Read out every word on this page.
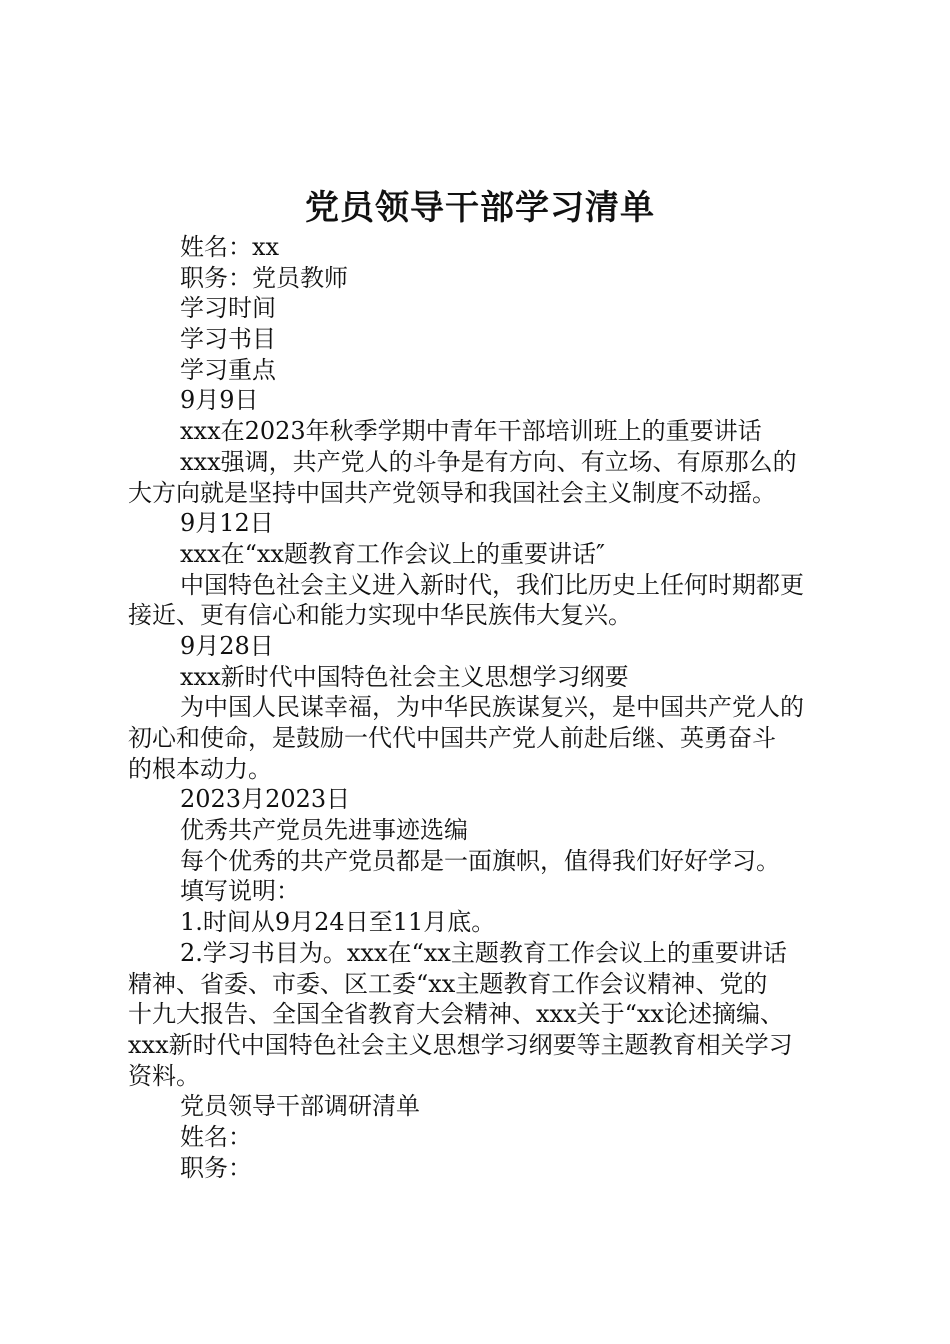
党员领导干部学习清单
姓名：xx
职务：党员教师
学习时间
学习书目
学习重点
9月9日
xxx在2023年秋季学期中青年干部培训班上的重要讲话
xxx强调，共产党人的斗争是有方向、有立场、有原那么的
大方向就是坚持中国共产党领导和我国社会主义制度不动摇。
9月12日
xxx在“xx题教育工作会议上的重要讲话″
中国特色社会主义进入新时代，我们比历史上任何时期都更
接近、更有信心和能力实现中华民族伟大复兴。
9月28日
xxx新时代中国特色社会主义思想学习纲要
为中国人民谋幸福，为中华民族谋复兴，是中国共产党人的
初心和使命，是鼓励一代代中国共产党人前赴后继、英勇奋斗
的根本动力。
2023月2023日
优秀共产党员先进事迹选编
每个优秀的共产党员都是一面旗帜，值得我们好好学习。
填写说明：
1.时间从9月24日至11月底。
2.学习书目为。xxx在“xx主题教育工作会议上的重要讲话
精神、省委、市委、区工委“xx主题教育工作会议精神、党的
十九大报告、全国全省教育大会精神、xxx关于“xx论述摘编、
xxx新时代中国特色社会主义思想学习纲要等主题教育相关学习
资料。
党员领导干部调研清单
姓名：
职务：
